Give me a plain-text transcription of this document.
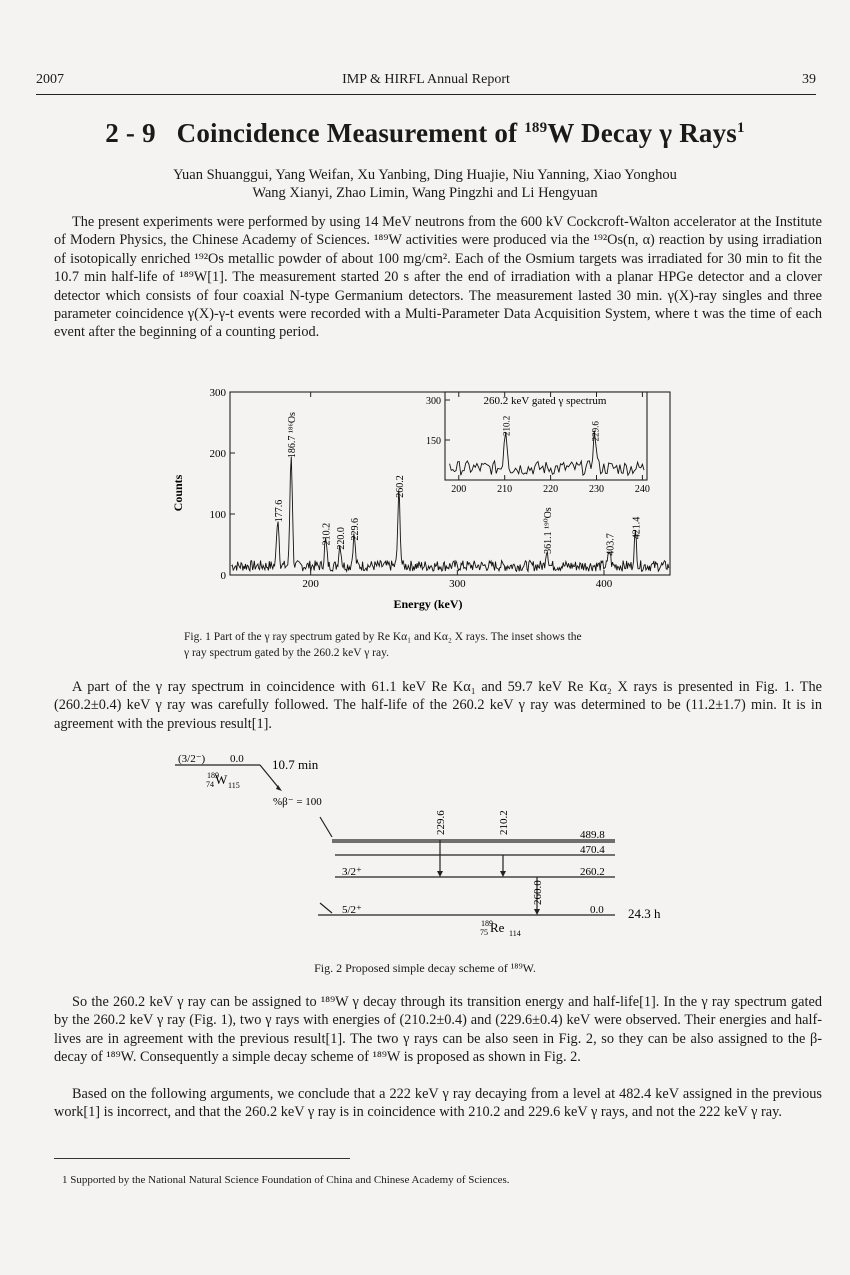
2007	IMP & HIRFL Annual Report	39
2 - 9 Coincidence Measurement of $^{189}$W Decay γ Rays$^1$
Yuan Shuanggui, Yang Weifan, Xu Yanbing, Ding Huajie, Niu Yanning, Xiao Yonghou
Wang Xianyi, Zhao Limin, Wang Pingzhi and Li Hengyuan
The present experiments were performed by using 14 MeV neutrons from the 600 kV Cockcroft-Walton accelerator at the Institute of Modern Physics, the Chinese Academy of Sciences. ¹⁸⁹W activities were produced via the ¹⁹²Os(n, α) reaction by using irradiation of isotopically enriched ¹⁹²Os metallic powder of about 100 mg/cm². Each of the Osmium targets was irradiated for 30 min to fit the 10.7 min half-life of ¹⁸⁹W[1]. The measurement started 20 s after the end of irradiation with a planar HPGe detector and a clover detector which consists of four coaxial N-type Germanium detectors. The measurement lasted 30 min. γ(X)-ray singles and three parameter coincidence γ(X)-γ-t events were recorded with a Multi-Parameter Data Acquisition System, where t was the time of each event after the beginning of a counting period.
200	300	400
0
100
200
300
177.6
186.7 ¹⁸⁶Os
210.2 220.0 229.6
260.2
361.1 ¹⁹⁰Os	403.7
421.4
200	210	220	230	240
150
300
210.2	229.6
260.2 keV gated γ spectrum
Energy (keV)
Counts
Fig. 1 Part of the γ ray spectrum gated by Re Kα₁ and Kα₂ X rays. The inset shows the
γ ray spectrum gated by the 260.2 keV γ ray.
A part of the γ ray spectrum in coincidence with 61.1 keV Re Kα₁ and 59.7 keV Re Kα₂ X rays is presented in Fig. 1. The (260.2±0.4) keV γ ray was carefully followed. The half-life of the 260.2 keV γ ray was determined to be (11.2±1.7) min. It is in agreement with the previous result[1].
(3/2⁻) 0.0 10.7 min
189
74 W 115
%β⁻ = 100
489.8
470.4
260.2
3/2⁺
0.0
5/2⁺	24.3 h
189
75 Re 114
229.6	210.2
260.0
Fig. 2 Proposed simple decay scheme of ¹⁸⁹W.
So the 260.2 keV γ ray can be assigned to ¹⁸⁹W γ decay through its transition energy and half-life[1]. In the γ ray spectrum gated by the 260.2 keV γ ray (Fig. 1), two γ rays with energies of (210.2±0.4) and (229.6±0.4) keV were observed. Their energies and half-lives are in agreement with the previous result[1]. The two γ rays can be also seen in Fig. 2, so they can be also assigned to the β-decay of ¹⁸⁹W. Consequently a simple decay scheme of ¹⁸⁹W is proposed as shown in Fig. 2.
Based on the following arguments, we conclude that a 222 keV γ ray decaying from a level at 482.4 keV assigned in the previous work[1] is incorrect, and that the 260.2 keV γ ray is in coincidence with 210.2 and 229.6 keV γ rays, and not the 222 keV γ ray.
1 Supported by the National Natural Science Foundation of China and Chinese Academy of Sciences.
